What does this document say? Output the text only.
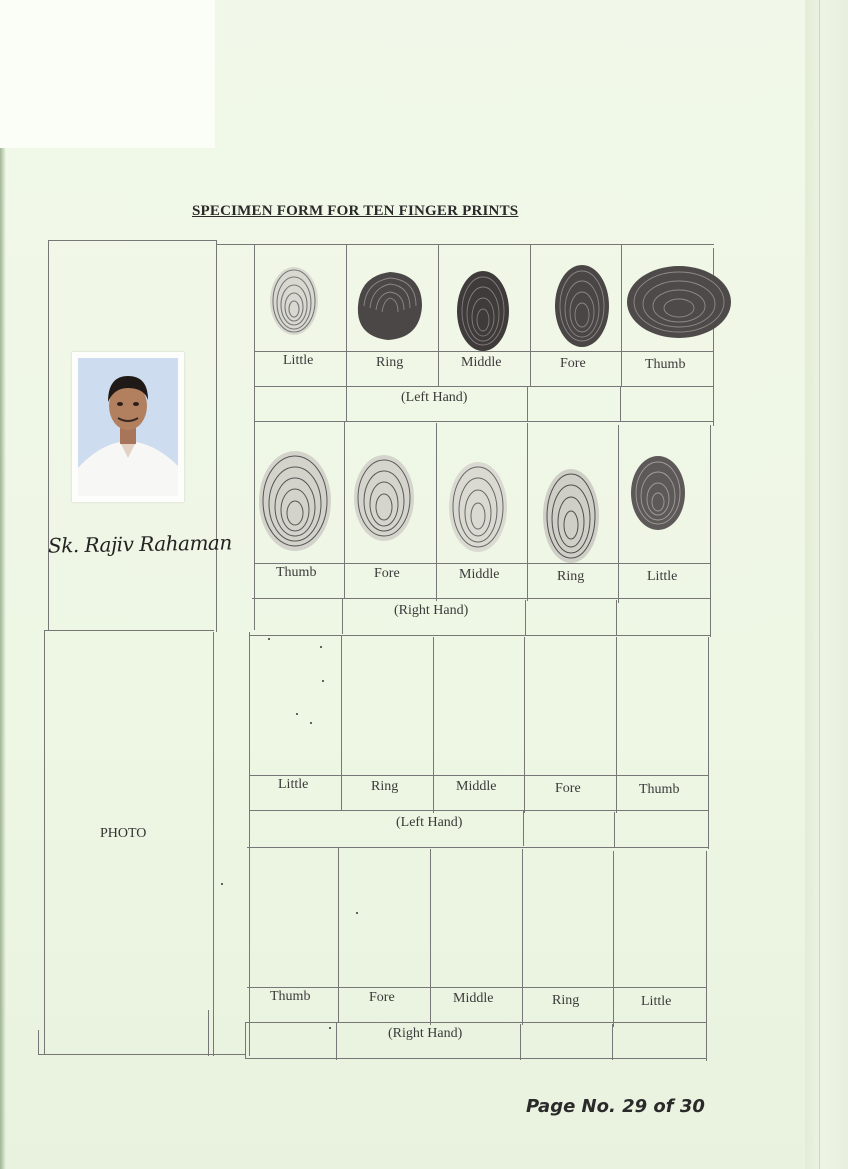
SPECIMEN FORM FOR TEN FINGER PRINTS
Sk. Rajiv Rahaman
PHOTO
Little	Ring	Middle	Fore	Thumb
(Left Hand)
Thumb	Fore	Middle	Ring	Little
(Right Hand)
Little	Ring	Middle	Fore	Thumb
(Left Hand)
Thumb	Fore	Middle	Ring	Little
(Right Hand)
Page No. 29 of 30
